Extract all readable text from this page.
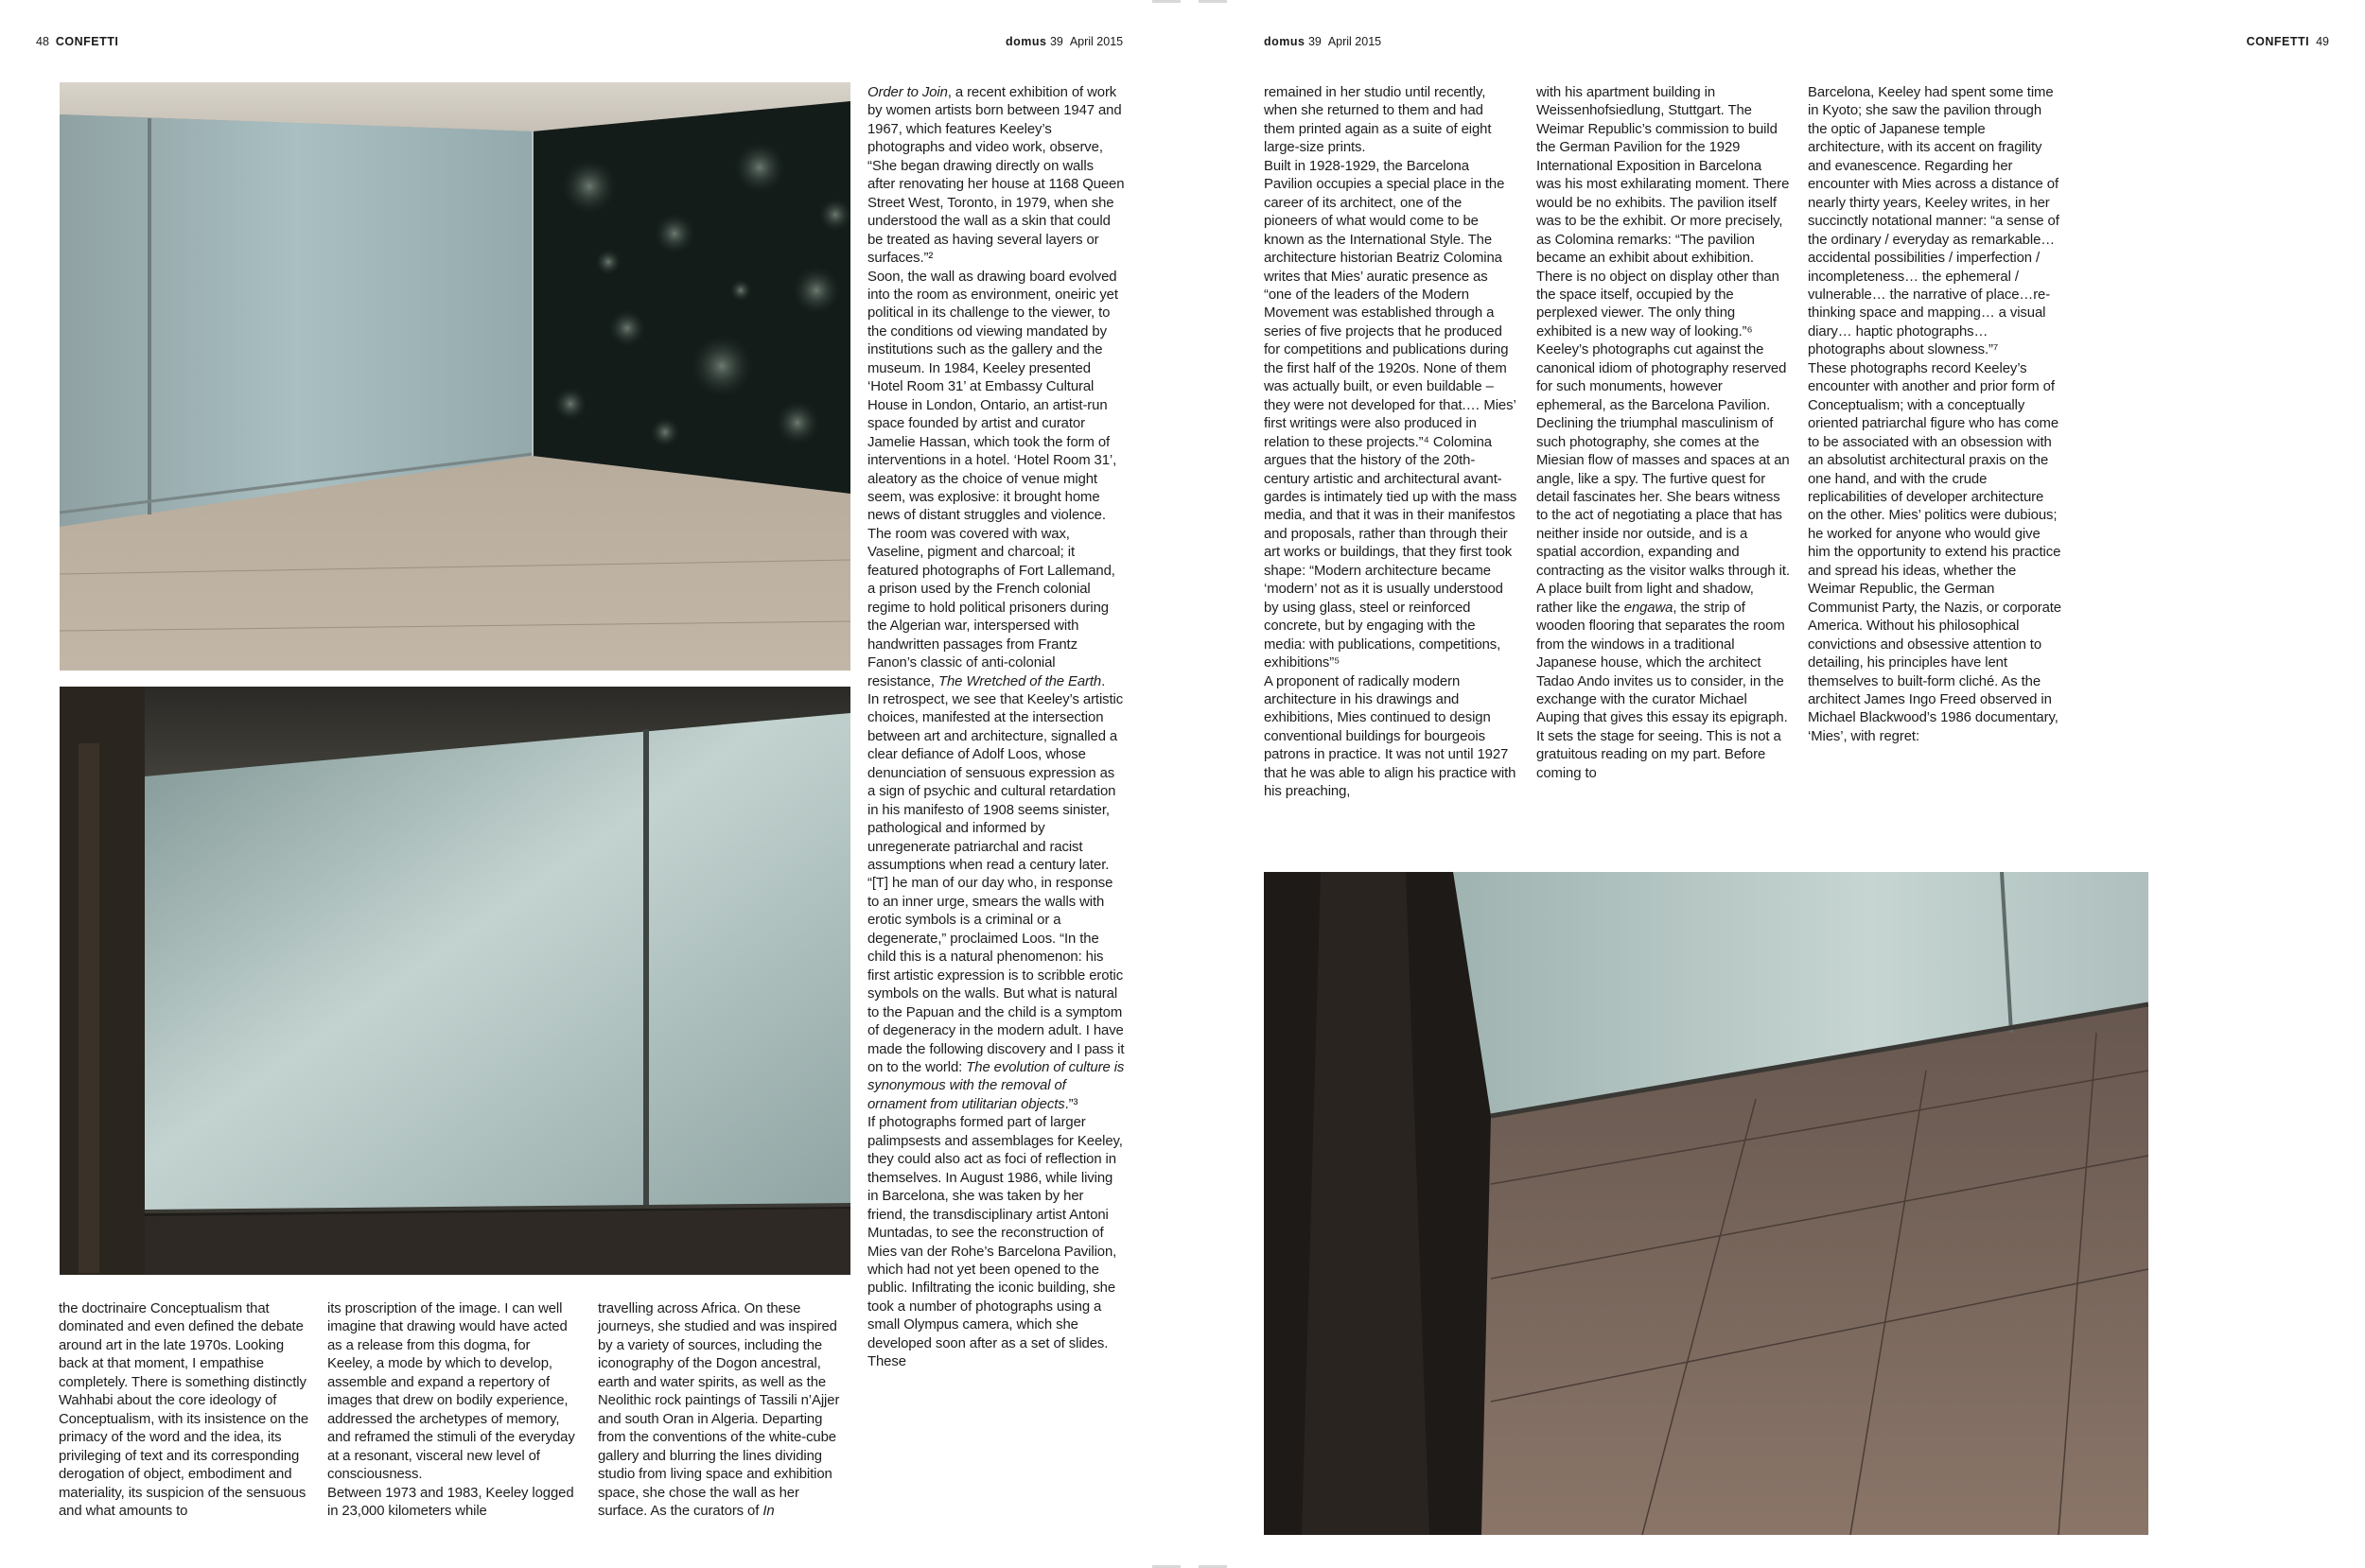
48 CONFETTI	domus 39 April 2015	domus 39 April 2015	CONFETTI 49

the doctrinaire Conceptualism that dominated and even defined the debate around art in the late 1970s. Looking back at that moment, I empathise completely. There is something distinctly Wahhabi about the core ideology of Conceptualism, with its insistence on the primacy of the word and the idea, its privileging of text and its corresponding derogation of object, embodiment and materiality, its suspicion of the sensuous and what amounts to

its proscription of the image. I can well imagine that drawing would have acted as a release from this dogma, for Keeley, a mode by which to develop, assemble and expand a repertory of images that drew on bodily experience, addressed the archetypes of memory, and reframed the stimuli of the everyday at a resonant, visceral new level of consciousness.

Between 1973 and 1983, Keeley logged in 23,000 kilometers while

travelling across Africa. On these journeys, she studied and was inspired by a variety of sources, including the iconography of the Dogon ancestral, earth and water spirits, as well as the Neolithic rock paintings of Tassili n’Ajjer and south Oran in Algeria. Departing from the conventions of the white-cube gallery and blurring the lines dividing studio from living space and exhibition space, she chose the wall as her surface. As the curators of In

Order to Join, a recent exhibition of work by women artists born between 1947 and 1967, which features Keeley’s photographs and video work, observe, “She began drawing directly on walls after renovating her house at 1168 Queen Street West, Toronto, in 1979, when she understood the wall as a skin that could be treated as having several layers or surfaces.”²

Soon, the wall as drawing board evolved into the room as environment, oneiric yet political in its challenge to the viewer, to the conditions od viewing mandated by institutions such as the gallery and the museum. In 1984, Keeley presented ‘Hotel Room 31’ at Embassy Cultural House in London, Ontario, an artist-run space founded by artist and curator Jamelie Hassan, which took the form of interventions in a hotel. ‘Hotel Room 31’, aleatory as the choice of venue might seem, was explosive: it brought home news of distant struggles and violence. The room was covered with wax, Vaseline, pigment and charcoal; it featured photographs of Fort Lallemand, a prison used by the French colonial regime to hold political prisoners during the Algerian war, interspersed with handwritten passages from Frantz Fanon’s classic of anti-colonial resistance, The Wretched of the Earth.

In retrospect, we see that Keeley’s artistic choices, manifested at the intersection between art and architecture, signalled a clear defiance of Adolf Loos, whose denunciation of sensuous expression as a sign of psychic and cultural retardation in his manifesto of 1908 seems sinister, pathological and informed by unregenerate patriarchal and racist assumptions when read a century later. “[T] he man of our day who, in response to an inner urge, smears the walls with erotic symbols is a criminal or a degenerate,” proclaimed Loos. “In the child this is a natural phenomenon: his first artistic expression is to scribble erotic symbols on the walls. But what is natural to the Papuan and the child is a symptom of degeneracy in the modern adult. I have made the following discovery and I pass it on to the world: The evolution of culture is synonymous with the removal of ornament from utilitarian objects.”³

If photographs formed part of larger palimpsests and assemblages for Keeley, they could also act as foci of reflection in themselves. In August 1986, while living in Barcelona, she was taken by her friend, the transdisciplinary artist Antoni Muntadas, to see the reconstruction of Mies van der Rohe’s Barcelona Pavilion, which had not yet been opened to the public. Infiltrating the iconic building, she took a number of photographs using a small Olympus camera, which she developed soon after as a set of slides. These

remained in her studio until recently, when she returned to them and had them printed again as a suite of eight large-size prints.

Built in 1928-1929, the Barcelona Pavilion occupies a special place in the career of its architect, one of the pioneers of what would come to be known as the International Style. The architecture historian Beatriz Colomina writes that Mies’ auratic presence as “one of the leaders of the Modern Movement was established through a series of five projects that he produced for competitions and publications during the first half of the 1920s. None of them was actually built, or even buildable – they were not developed for that.… Mies’ first writings were also produced in relation to these projects.”⁴ Colomina argues that the history of the 20th-century artistic and architectural avant-gardes is intimately tied up with the mass media, and that it was in their manifestos and proposals, rather than through their art works or buildings, that they first took shape: “Modern architecture became ‘modern’ not as it is usually understood by using glass, steel or reinforced concrete, but by engaging with the media: with publications, competitions, exhibitions”⁵

A proponent of radically modern architecture in his drawings and exhibitions, Mies continued to design conventional buildings for bourgeois patrons in practice. It was not until 1927 that he was able to align his practice with his preaching,

with his apartment building in Weissenhofsiedlung, Stuttgart. The Weimar Republic’s commission to build the German Pavilion for the 1929 International Exposition in Barcelona was his most exhilarating moment. There would be no exhibits. The pavilion itself was to be the exhibit. Or more precisely, as Colomina remarks: “The pavilion became an exhibit about exhibition. There is no object on display other than the space itself, occupied by the perplexed viewer. The only thing exhibited is a new way of looking.”⁶

Keeley’s photographs cut against the canonical idiom of photography reserved for such monuments, however ephemeral, as the Barcelona Pavilion. Declining the triumphal masculinism of such photography, she comes at the Miesian flow of masses and spaces at an angle, like a spy. The furtive quest for detail fascinates her. She bears witness to the act of negotiating a place that has neither inside nor outside, and is a spatial accordion, expanding and contracting as the visitor walks through it. A place built from light and shadow, rather like the engawa, the strip of wooden flooring that separates the room from the windows in a traditional Japanese house, which the architect Tadao Ando invites us to consider, in the exchange with the curator Michael Auping that gives this essay its epigraph. It sets the stage for seeing. This is not a gratuitous reading on my part. Before coming to

Barcelona, Keeley had spent some time in Kyoto; she saw the pavilion through the optic of Japanese temple architecture, with its accent on fragility and evanescence. Regarding her encounter with Mies across a distance of nearly thirty years, Keeley writes, in her succinctly notational manner: “a sense of the ordinary / everyday as remarkable… accidental possibilities / imperfection / incompleteness… the ephemeral / vulnerable… the narrative of place…re-thinking space and mapping… a visual diary… haptic photographs… photographs about slowness.”⁷

These photographs record Keeley’s encounter with another and prior form of Conceptualism; with a conceptually oriented patriarchal figure who has come to be associated with an obsession with an absolutist architectural praxis on the one hand, and with the crude replicabilities of developer architecture on the other. Mies’ politics were dubious; he worked for anyone who would give him the opportunity to extend his practice and spread his ideas, whether the Weimar Republic, the German Communist Party, the Nazis, or corporate America. Without his philosophical convictions and obsessive attention to detailing, his principles have lent themselves to built-form cliché. As the architect James Ingo Freed observed in Michael Blackwood’s 1986 documentary, ‘Mies’, with regret:
